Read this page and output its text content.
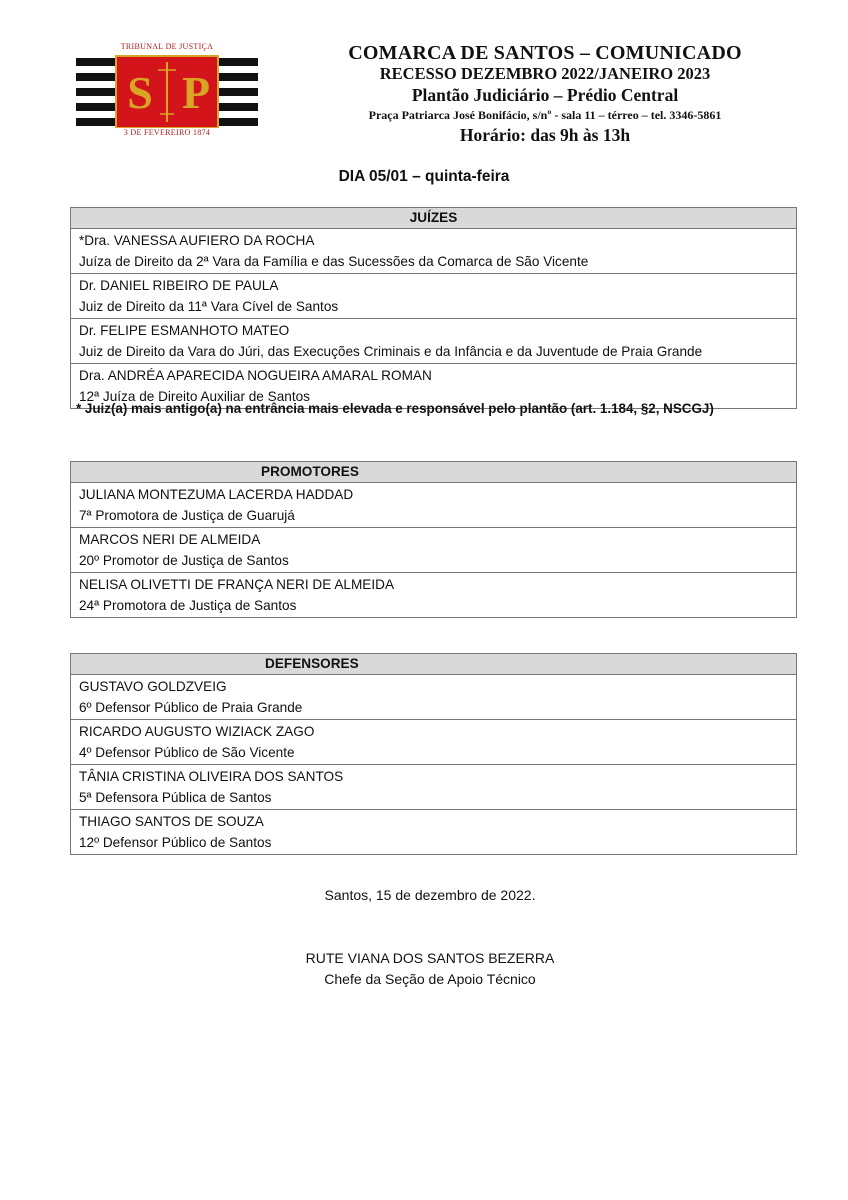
TRIBUNAL DE JUSTIÇA
S P
3 DE FEVEREIRO 1874
COMARCA DE SANTOS – COMUNICADO
RECESSO DEZEMBRO 2022/JANEIRO 2023
Plantão Judiciário – Prédio Central
Praça Patriarca José Bonifácio, s/nº - sala 11 – térreo – tel. 3346-5861
Horário: das 9h às 13h
DIA 05/01 – quinta-feira
JUÍZES

*Dra. VANESSA AUFIERO DA ROCHA
Juíza de Direito da 2ª Vara da Família e das Sucessões da Comarca de São Vicente

Dr. DANIEL RIBEIRO DE PAULA
Juiz de Direito da 11ª Vara Cível de Santos

Dr. FELIPE ESMANHOTO MATEO
Juiz de Direito da Vara do Júri, das Execuções Criminais e da Infância e da Juventude de Praia Grande

Dra. ANDRÉA APARECIDA NOGUEIRA AMARAL ROMAN
12ª Juíza de Direito Auxiliar de Santos
* Juiz(a) mais antigo(a) na entrância mais elevada e responsável pelo plantão (art. 1.184, §2, NSCGJ)
PROMOTORES

JULIANA MONTEZUMA LACERDA HADDAD
7ª Promotora de Justiça de Guarujá

MARCOS NERI DE ALMEIDA
20º Promotor de Justiça de Santos

NELISA OLIVETTI DE FRANÇA NERI DE ALMEIDA
24ª Promotora de Justiça de Santos
DEFENSORES

GUSTAVO GOLDZVEIG
6º Defensor Público de Praia Grande

RICARDO AUGUSTO WIZIACK ZAGO
4º Defensor Público de São Vicente

TÂNIA CRISTINA OLIVEIRA DOS SANTOS
5ª Defensora Pública de Santos

THIAGO SANTOS DE SOUZA
12º Defensor Público de Santos
Santos, 15 de dezembro de 2022.
RUTE VIANA DOS SANTOS BEZERRA
Chefe da Seção de Apoio Técnico
